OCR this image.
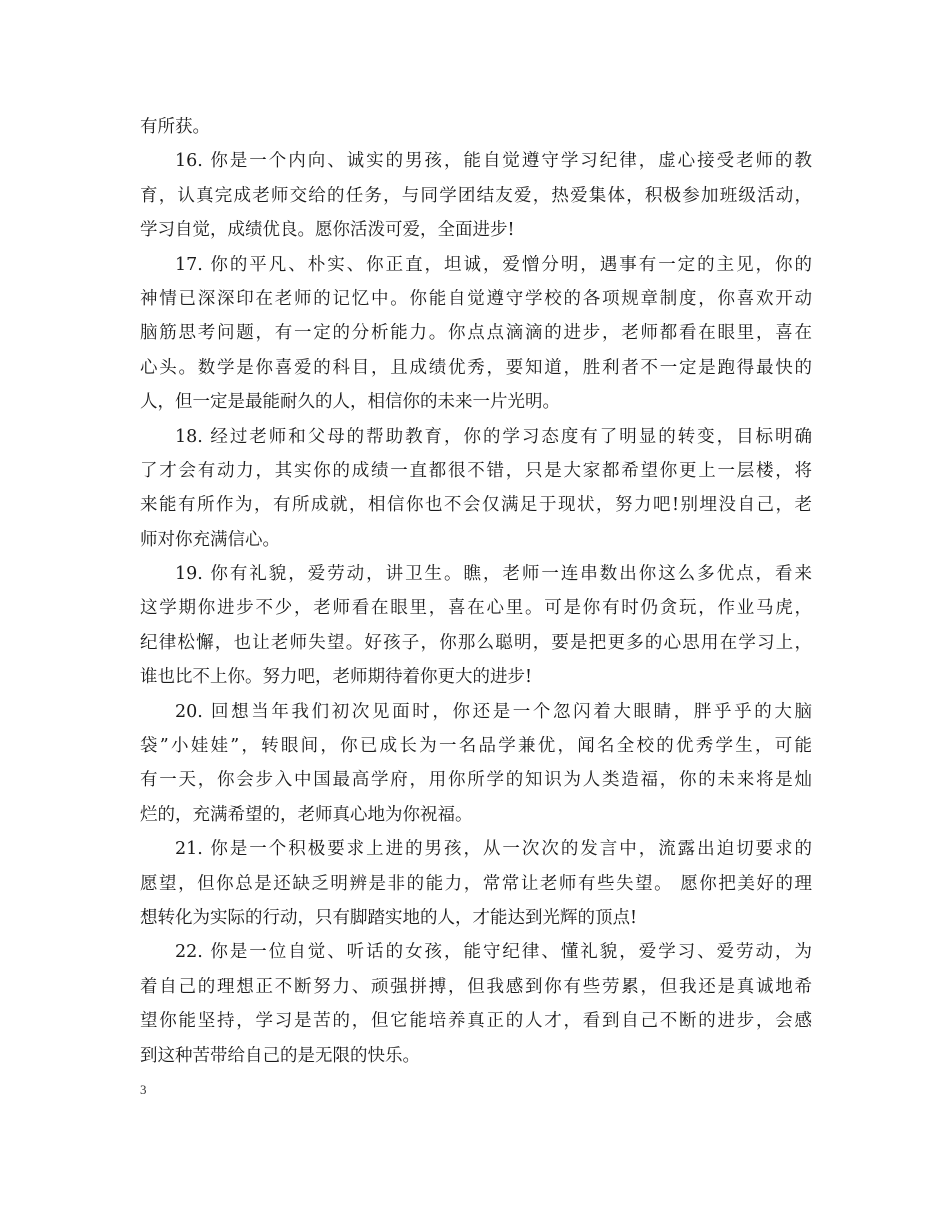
有所获。
16. 你是一个内向、诚实的男孩，能自觉遵守学习纪律，虚心接受老师的教
育，认真完成老师交给的任务，与同学团结友爱，热爱集体，积极参加班级活动，
学习自觉，成绩优良。愿你活泼可爱，全面进步!
17. 你的平凡、朴实、你正直，坦诚，爱憎分明，遇事有一定的主见，你的
神情已深深印在老师的记忆中。你能自觉遵守学校的各项规章制度，你喜欢开动
脑筋思考问题，有一定的分析能力。你点点滴滴的进步，老师都看在眼里，喜在
心头。数学是你喜爱的科目，且成绩优秀，要知道，胜利者不一定是跑得最快的
人，但一定是最能耐久的人，相信你的未来一片光明。
18. 经过老师和父母的帮助教育，你的学习态度有了明显的转变，目标明确
了才会有动力，其实你的成绩一直都很不错，只是大家都希望你更上一层楼，将
来能有所作为，有所成就，相信你也不会仅满足于现状，努力吧!别埋没自己，老
师对你充满信心。
19. 你有礼貌，爱劳动，讲卫生。瞧，老师一连串数出你这么多优点，看来
这学期你进步不少，老师看在眼里，喜在心里。可是你有时仍贪玩，作业马虎，
纪律松懈，也让老师失望。好孩子，你那么聪明，要是把更多的心思用在学习上，
谁也比不上你。努力吧，老师期待着你更大的进步!
20. 回想当年我们初次见面时，你还是一个忽闪着大眼睛，胖乎乎的大脑
袋”小娃娃”，转眼间，你已成长为一名品学兼优，闻名全校的优秀学生，可能
有一天，你会步入中国最高学府，用你所学的知识为人类造福，你的未来将是灿
烂的，充满希望的，老师真心地为你祝福。
21. 你是一个积极要求上进的男孩，从一次次的发言中，流露出迫切要求的
愿望，但你总是还缺乏明辨是非的能力，常常让老师有些失望。 愿你把美好的理
想转化为实际的行动，只有脚踏实地的人，才能达到光辉的顶点!
22. 你是一位自觉、听话的女孩，能守纪律、懂礼貌，爱学习、爱劳动，为
着自己的理想正不断努力、顽强拼搏，但我感到你有些劳累，但我还是真诚地希
望你能坚持，学习是苦的，但它能培养真正的人才，看到自己不断的进步，会感
到这种苦带给自己的是无限的快乐。
3
